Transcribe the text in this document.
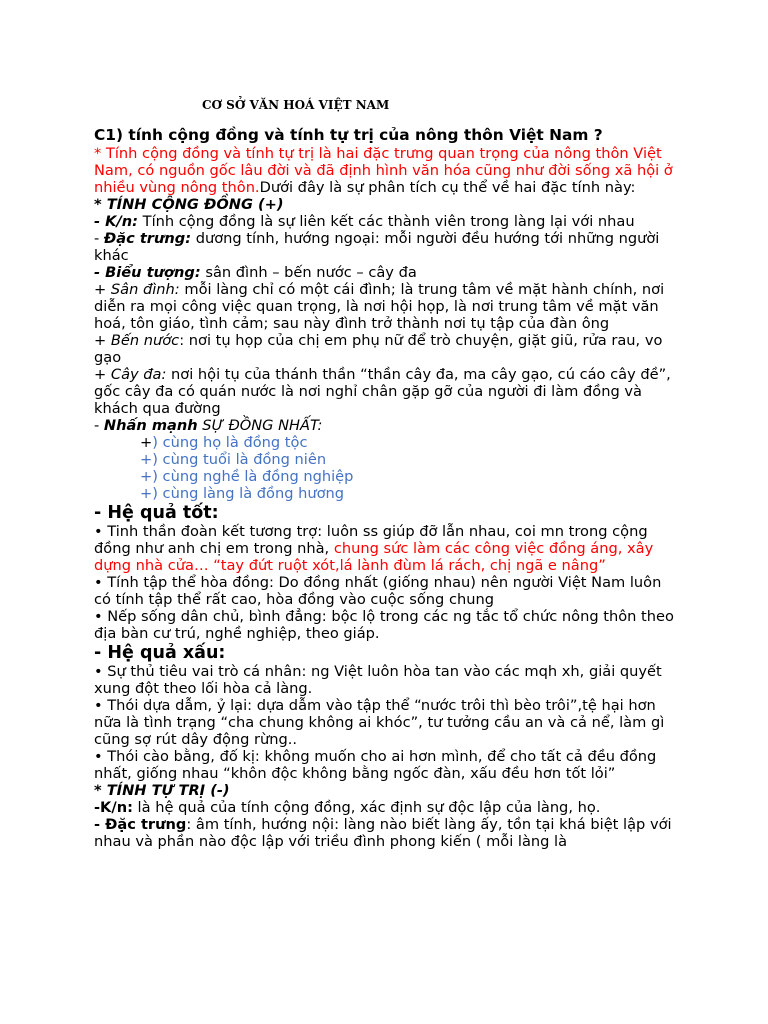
CƠ SỞ VĂN HOÁ VIỆT NAM

C1) tính cộng đồng và tính tự trị của nông thôn Việt Nam ?

* Tính cộng đồng và tính tự trị là hai đặc trưng quan trọng của nông thôn Việt Nam, có nguồn gốc lâu đời và đã định hình văn hóa cũng như đời sống xã hội ở nhiều vùng nông thôn.Dưới đây là sự phân tích cụ thể về hai đặc tính này:

* TÍNH CỘNG ĐỒNG (+)

- K/n: Tính cộng đồng là sự liên kết các thành viên trong làng lại với nhau

- Đặc trưng: dương tính, hướng ngoại: mỗi người đều hướng tới những người khác

- Biểu tượng: sân đình – bến nước – cây đa

+ Sân đình: mỗi làng chỉ có một cái đình; là trung tâm về mặt hành chính, nơi diễn ra mọi công việc quan trọng, là nơi hội họp, là nơi trung tâm về mặt văn hoá, tôn giáo, tình cảm; sau này đình trở thành nơi tụ tập của đàn ông

+ Bến nước: nơi tụ họp của chị em phụ nữ để trò chuyện, giặt giũ, rửa rau, vo gạo

+ Cây đa: nơi hội tụ của thánh thần “thần cây đa, ma cây gạo, cú cáo cây đề”, gốc cây đa có quán nước là nơi nghỉ chân gặp gỡ của người đi làm đồng và khách qua đường

- Nhấn mạnh SỰ ĐỒNG NHẤT:

+) cùng họ là đồng tộc

+) cùng tuổi là đồng niên

+) cùng nghề là đồng nghiệp

+) cùng làng là đồng hương

- Hệ quả tốt:

• Tinh thần đoàn kết tương trợ: luôn ss giúp đỡ lẫn nhau, coi mn trong cộng đồng như anh chị em trong nhà, chung sức làm các công việc đồng áng, xây dựng nhà cửa… “tay đứt ruột xót,lá lành đùm lá rách, chị ngã e nâng”

• Tính tập thể hòa đồng: Do đồng nhất (giống nhau) nên người Việt Nam luôn có tính tập thể rất cao, hòa đồng vào cuộc sống chung

• Nếp sống dân chủ, bình đẳng: bộc lộ trong các ng tắc tổ chức nông thôn theo địa bàn cư trú, nghề nghiệp, theo giáp.

- Hệ quả xấu:

• Sự thủ tiêu vai trò cá nhân: ng Việt luôn hòa tan vào các mqh xh, giải quyết xung đột theo lối hòa cả làng.

• Thói dựa dẫm, ỷ lại: dựa dẫm vào tập thể “nước trôi thì bèo trôi”,tệ hại hơn nữa là tình trạng “cha chung không ai khóc”, tư tưởng cầu an và cả nể, làm gì cũng sợ rút dây động rừng..

• Thói cào bằng, đố kị: không muốn cho ai hơn mình, để cho tất cả đều đồng nhất, giống nhau “khôn độc không bằng ngốc đàn, xấu đều hơn tốt lỏi”

* TÍNH TỰ TRỊ (-)

-K/n: là hệ quả của tính cộng đồng, xác định sự độc lập của làng, họ.

- Đặc trưng: âm tính, hướng nội: làng nào biết làng ấy, tồn tại khá biệt lập với nhau và phần nào độc lập với triều đình phong kiến ( mỗi làng là
